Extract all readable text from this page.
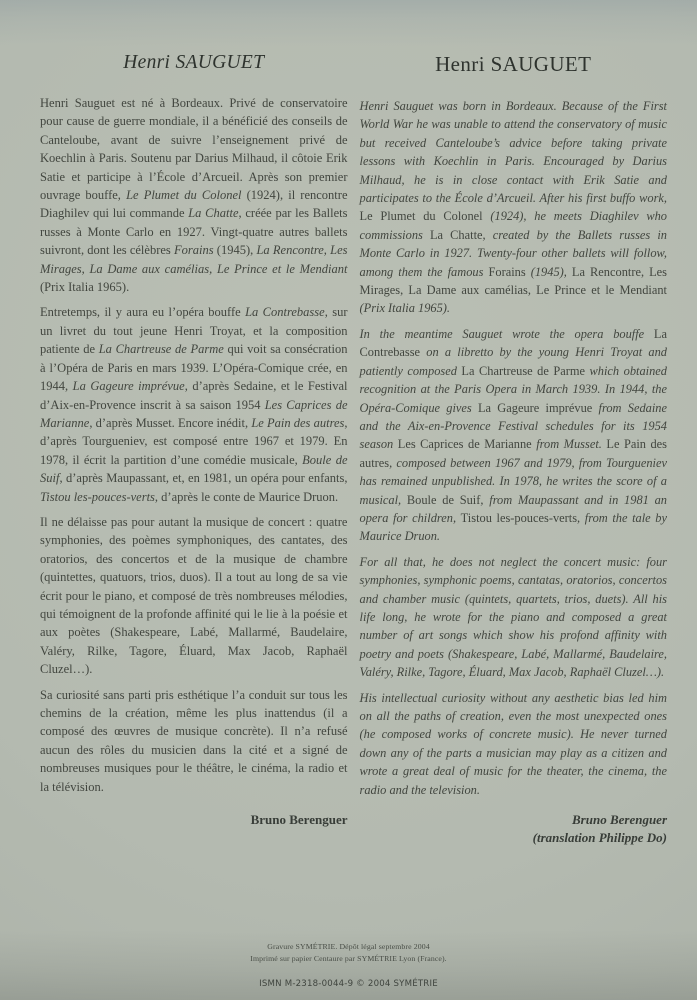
Henri SAUGUET

Henri Sauguet est né à Bordeaux. Privé de conservatoire pour cause de guerre mondiale, il a bénéficié des conseils de Canteloube, avant de suivre l’enseignement privé de Koechlin à Paris. Soutenu par Darius Milhaud, il côtoie Erik Satie et participe à l’École d’Arcueil. Après son premier ouvrage bouffe, Le Plumet du Colonel (1924), il rencontre Diaghilev qui lui commande La Chatte, créée par les Ballets russes à Monte Carlo en 1927. Vingt-quatre autres ballets suivront, dont les célèbres Forains (1945), La Rencontre, Les Mirages, La Dame aux camélias, Le Prince et le Mendiant (Prix Italia 1965).

Entretemps, il y aura eu l’opéra bouffe La Contrebasse, sur un livret du tout jeune Henri Troyat, et la composition patiente de La Chartreuse de Parme qui voit sa consécration à l’Opéra de Paris en mars 1939. L’Opéra-Comique crée, en 1944, La Gageure imprévue, d’après Sedaine, et le Festival d’Aix-en-Provence inscrit à sa saison 1954 Les Caprices de Marianne, d’après Musset. Encore inédit, Le Pain des autres, d’après Tourgueniev, est composé entre 1967 et 1979. En 1978, il écrit la partition d’une comédie musicale, Boule de Suif, d’après Maupassant, et, en 1981, un opéra pour enfants, Tistou les-pouces-verts, d’après le conte de Maurice Druon.

Il ne délaisse pas pour autant la musique de concert : quatre symphonies, des poèmes symphoniques, des cantates, des oratorios, des concertos et de la musique de chambre (quintettes, quatuors, trios, duos). Il a tout au long de sa vie écrit pour le piano, et composé de très nombreuses mélodies, qui témoignent de la profonde affinité qui le lie à la poésie et aux poètes (Shakespeare, Labé, Mallarmé, Baudelaire, Valéry, Rilke, Tagore, Éluard, Max Jacob, Raphaël Cluzel…).

Sa curiosité sans parti pris esthétique l’a conduit sur tous les chemins de la création, même les plus inattendus (il a composé des œuvres de musique concrète). Il n’a refusé aucun des rôles du musicien dans la cité et a signé de nombreuses musiques pour le théâtre, le cinéma, la radio et la télévision.

Bruno Berenguer
Henri SAUGUET

Henri Sauguet was born in Bordeaux. Because of the First World War he was unable to attend the conservatory of music but received Canteloube’s advice before taking private lessons with Koechlin in Paris. Encouraged by Darius Milhaud, he is in close contact with Erik Satie and participates to the École d’Arcueil. After his first buffo work, Le Plumet du Colonel (1924), he meets Diaghilev who commissions La Chatte, created by the Ballets russes in Monte Carlo in 1927. Twenty-four other ballets will follow, among them the famous Forains (1945), La Rencontre, Les Mirages, La Dame aux camélias, Le Prince et le Mendiant (Prix Italia 1965).

In the meantime Sauguet wrote the opera bouffe La Contrebasse on a libretto by the young Henri Troyat and patiently composed La Chartreuse de Parme which obtained recognition at the Paris Opera in March 1939. In 1944, the Opéra-Comique gives La Gageure imprévue from Sedaine and the Aix-en-Provence Festival schedules for its 1954 season Les Caprices de Marianne from Musset. Le Pain des autres, composed between 1967 and 1979, from Tourgueniev has remained unpublished. In 1978, he writes the score of a musical, Boule de Suif, from Maupassant and in 1981 an opera for children, Tistou les-pouces-verts, from the tale by Maurice Druon.

For all that, he does not neglect the concert music: four symphonies, symphonic poems, cantatas, oratorios, concertos and chamber music (quintets, quartets, trios, duets). All his life long, he wrote for the piano and composed a great number of art songs which show his profond affinity with poetry and poets (Shakespeare, Labé, Mallarmé, Baudelaire, Valéry, Rilke, Tagore, Éluard, Max Jacob, Raphaël Cluzel…).

His intellectual curiosity without any aesthetic bias led him on all the paths of creation, even the most unexpected ones (he composed works of concrete music). He never turned down any of the parts a musician may play as a citizen and wrote a great deal of music for the theater, the cinema, the radio and the television.

Bruno Berenguer
(translation Philippe Do)
Gravure SYMÉTRIE. Dépôt légal septembre 2004
Imprimé sur papier Centaure par SYMÉTRIE Lyon (France).
ISMN M-2318-0044-9 © 2004 SYMÉTRIE
